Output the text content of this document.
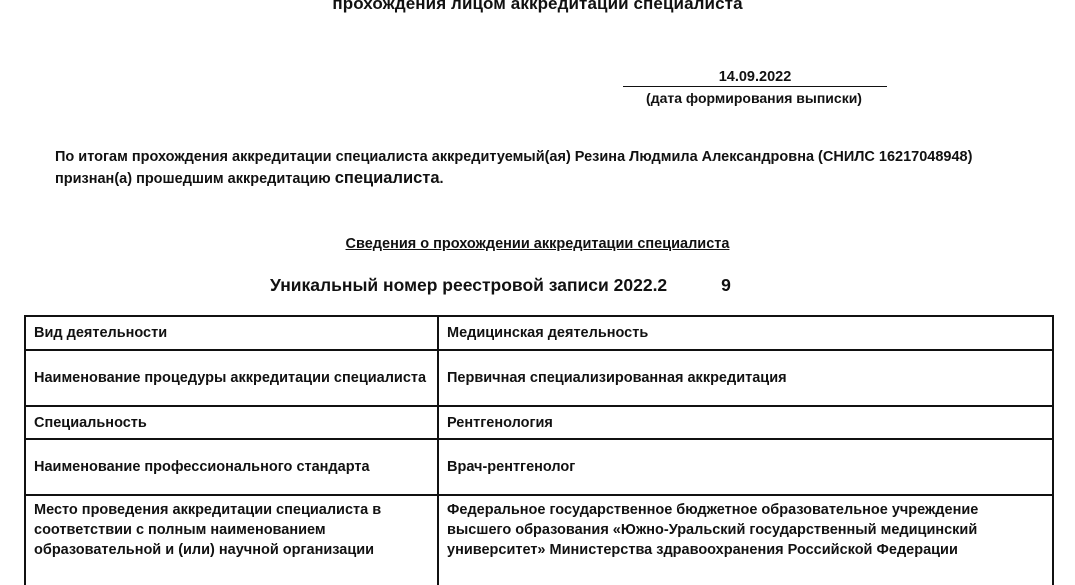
прохождения лицом аккредитации специалиста
14.09.2022
(дата формирования выписки)
По итогам прохождения аккредитации специалиста аккредитуемый(ая) Резина Людмила Александровна (СНИЛС 16217048948) признан(а) прошедшим аккредитацию специалиста.
Сведения о прохождении аккредитации специалиста
Уникальный номер реестровой записи 2022.2	9
Вид деятельности	Медицинская деятельность
Наименование процедуры аккредитации специалиста	Первичная специализированная аккредитация
Специальность	Рентгенология
Наименование профессионального стандарта	Врач-рентгенолог
Место проведения аккредитации специалиста в соответствии с полным наименованием образовательной и (или) научной организации	Федеральное государственное бюджетное образовательное учреждение высшего образования «Южно-Уральский государственный медицинский университет» Министерства здравоохранения Российской Федерации
